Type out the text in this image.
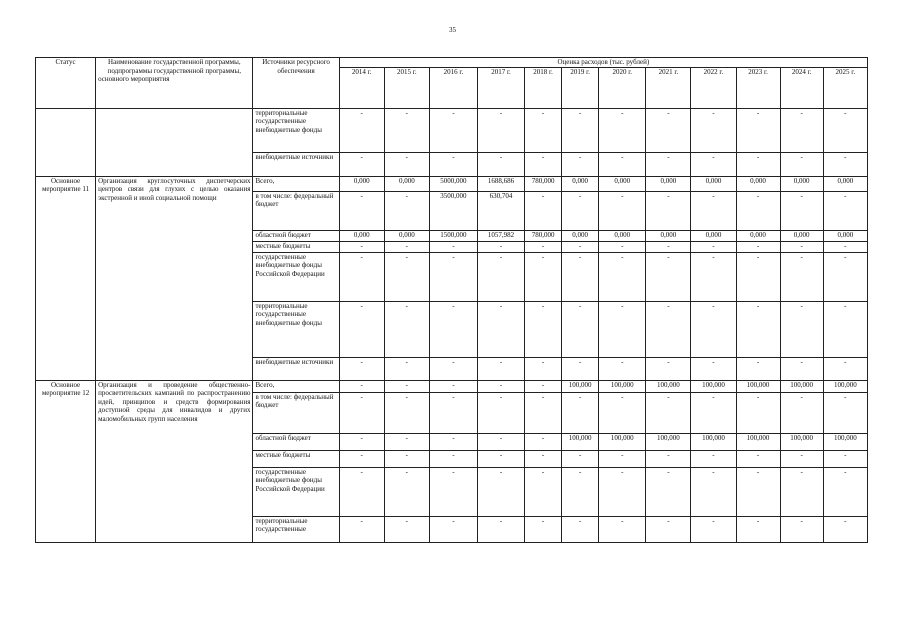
35
Статус	Наименование государственной программы, подпрограммы государственной программы, основного мероприятия	Источники ресурсного обеспечения	Оценка расходов (тыс. рублей)											
			2014 г.	2015 г.	2016 г.	2017 г.	2018 г.	2019 г.	2020 г.	2021 г.	2022 г.	2023 г.	2024 г.	2025 г.
		территориальные государственные внебюджетные фонды	-	-	-	-	-	-	-	-	-	-	-	-
		внебюджетные источники	-	-	-	-	-	-	-	-	-	-	-	-
Основное мероприятие 11	Организация круглосуточных диспетчерских центров связи для глухих с целью оказания экстренной и иной социальной помощи	Всего,	0,000	0,000	5000,000	1688,686	780,000	0,000	0,000	0,000	0,000	0,000	0,000	0,000
		в том числе: федеральный бюджет	-	-	3500,000	630,704	-	-	-	-	-	-	-	-
		областной бюджет	0,000	0,000	1500,000	1057,982	780,000	0,000	0,000	0,000	0,000	0,000	0,000	0,000
		местные бюджеты	-	-	-	-	-	-	-	-	-	-	-	-
		государственные внебюджетные фонды Российской Федерации	-	-	-	-	-	-	-	-	-	-	-	-
		территориальные государственные внебюджетные фонды	-	-	-	-	-	-	-	-	-	-	-	-
		внебюджетные источники	-	-	-	-	-	-	-	-	-	-	-	-
Основное мероприятие 12	Организация и проведение общественно-просветительских кампаний по распространению идей, принципов и средств формирования доступной среды для инвалидов и других маломобильных групп населения	Всего,	-	-	-	-	-	100,000	100,000	100,000	100,000	100,000	100,000	100,000
		в том числе: федеральный бюджет	-	-	-	-	-	-	-	-	-	-	-	-
		областной бюджет	-	-	-	-	-	100,000	100,000	100,000	100,000	100,000	100,000	100,000
		местные бюджеты	-	-	-	-	-	-	-	-	-	-	-	-
		государственные внебюджетные фонды Российской Федерации	-	-	-	-	-	-	-	-	-	-	-	-
		территориальные государственные	-	-	-	-	-	-	-	-	-	-	-	-
